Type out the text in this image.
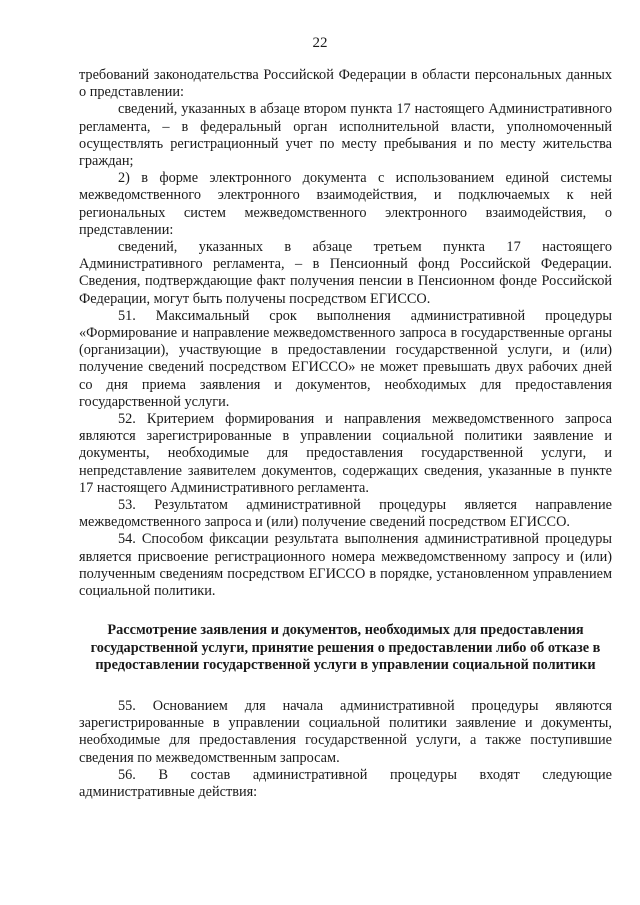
22

требований законодательства Российской Федерации в области персональных данных о представлении:

сведений, указанных в абзаце втором пункта 17 настоящего Административного регламента, – в федеральный орган исполнительной власти, уполномоченный осуществлять регистрационный учет по месту пребывания и по месту жительства граждан;

2) в форме электронного документа с использованием единой системы межведомственного электронного взаимодействия, и подключаемых к ней региональных систем межведомственного электронного взаимодействия, о представлении:

сведений, указанных в абзаце третьем пункта 17 настоящего Административного регламента, – в Пенсионный фонд Российской Федерации. Сведения, подтверждающие факт получения пенсии в Пенсионном фонде Российской Федерации, могут быть получены посредством ЕГИССО.

51. Максимальный срок выполнения административной процедуры «Формирование и направление межведомственного запроса в государственные органы (организации), участвующие в предоставлении государственной услуги, и (или) получение сведений посредством ЕГИССО» не может превышать двух рабочих дней со дня приема заявления и документов, необходимых для предоставления государственной услуги.

52. Критерием формирования и направления межведомственного запроса являются зарегистрированные в управлении социальной политики заявление и документы, необходимые для предоставления государственной услуги, и непредставление заявителем документов, содержащих сведения, указанные в пункте 17 настоящего Административного регламента.

53. Результатом административной процедуры является направление межведомственного запроса и (или) получение сведений посредством ЕГИССО.

54. Способом фиксации результата выполнения административной процедуры является присвоение регистрационного номера межведомственному запросу и (или) полученным сведениям посредством ЕГИССО в порядке, установленном управлением социальной политики.

Рассмотрение заявления и документов, необходимых для предоставления государственной услуги, принятие решения о предоставлении либо об отказе в предоставлении государственной услуги в управлении социальной политики

55. Основанием для начала административной процедуры являются зарегистрированные в управлении социальной политики заявление и документы, необходимые для предоставления государственной услуги, а также поступившие сведения по межведомственным запросам.

56. В состав административной процедуры входят следующие административные действия:
